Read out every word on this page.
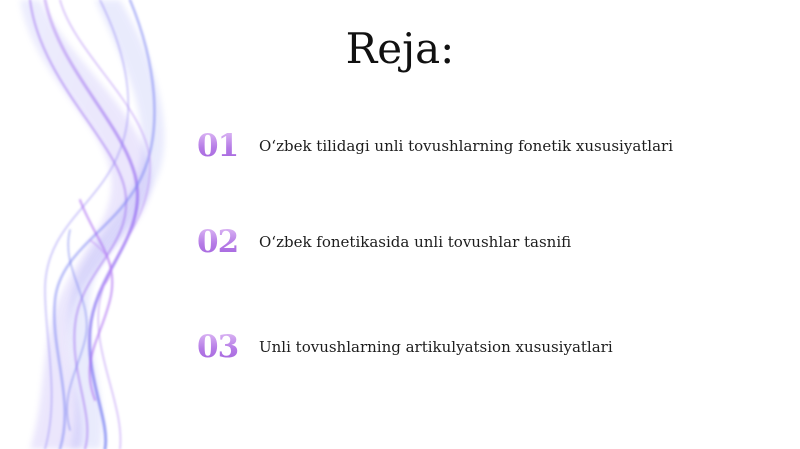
Reja:
01	O‘zbek tilidagi unli tovushlarning fonetik xususiyatlari
02	O‘zbek fonetikasida unli tovushlar tasnifi
03	Unli tovushlarning artikulyatsion xususiyatlari
